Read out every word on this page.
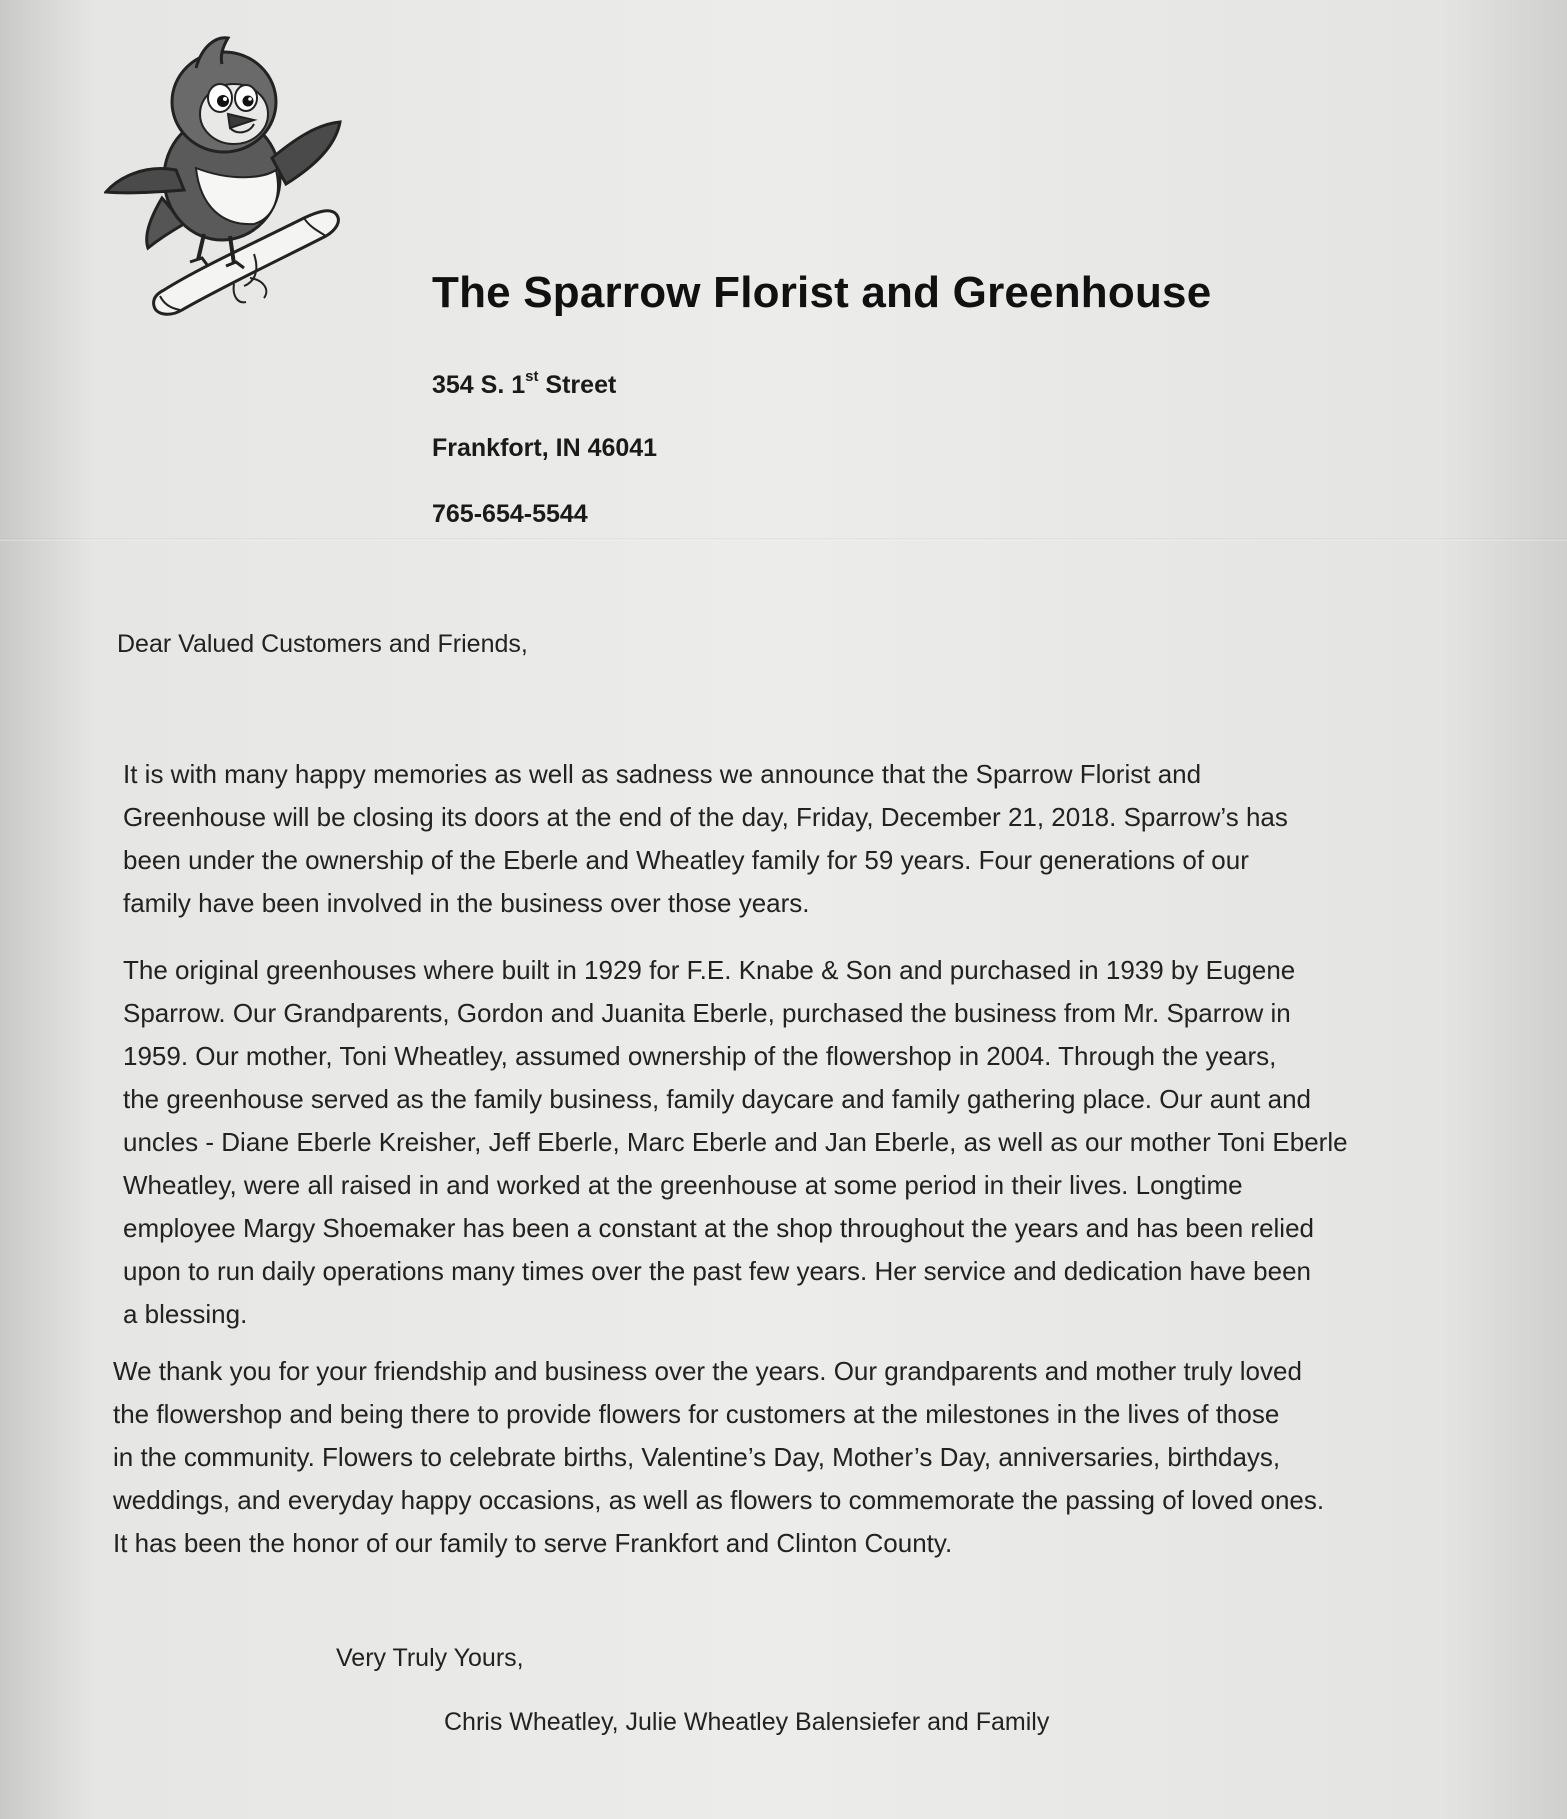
The Sparrow Florist and Greenhouse
354 S. 1st Street
Frankfort, IN 46041
765-654-5544
Dear Valued Customers and Friends,
It is with many happy memories as well as sadness we announce that the Sparrow Florist and
Greenhouse will be closing its doors at the end of the day, Friday, December 21, 2018. Sparrow’s has
been under the ownership of the Eberle and Wheatley family for 59 years. Four generations of our
family have been involved in the business over those years.
The original greenhouses where built in 1929 for F.E. Knabe & Son and purchased in 1939 by Eugene
Sparrow. Our Grandparents, Gordon and Juanita Eberle, purchased the business from Mr. Sparrow in
1959. Our mother, Toni Wheatley, assumed ownership of the flowershop in 2004. Through the years,
the greenhouse served as the family business, family daycare and family gathering place. Our aunt and
uncles - Diane Eberle Kreisher, Jeff Eberle, Marc Eberle and Jan Eberle, as well as our mother Toni Eberle
Wheatley, were all raised in and worked at the greenhouse at some period in their lives. Longtime
employee Margy Shoemaker has been a constant at the shop throughout the years and has been relied
upon to run daily operations many times over the past few years. Her service and dedication have been
a blessing.
We thank you for your friendship and business over the years. Our grandparents and mother truly loved
the flowershop and being there to provide flowers for customers at the milestones in the lives of those
in the community. Flowers to celebrate births, Valentine’s Day, Mother’s Day, anniversaries, birthdays,
weddings, and everyday happy occasions, as well as flowers to commemorate the passing of loved ones.
It has been the honor of our family to serve Frankfort and Clinton County.
Very Truly Yours,
Chris Wheatley, Julie Wheatley Balensiefer and Family
